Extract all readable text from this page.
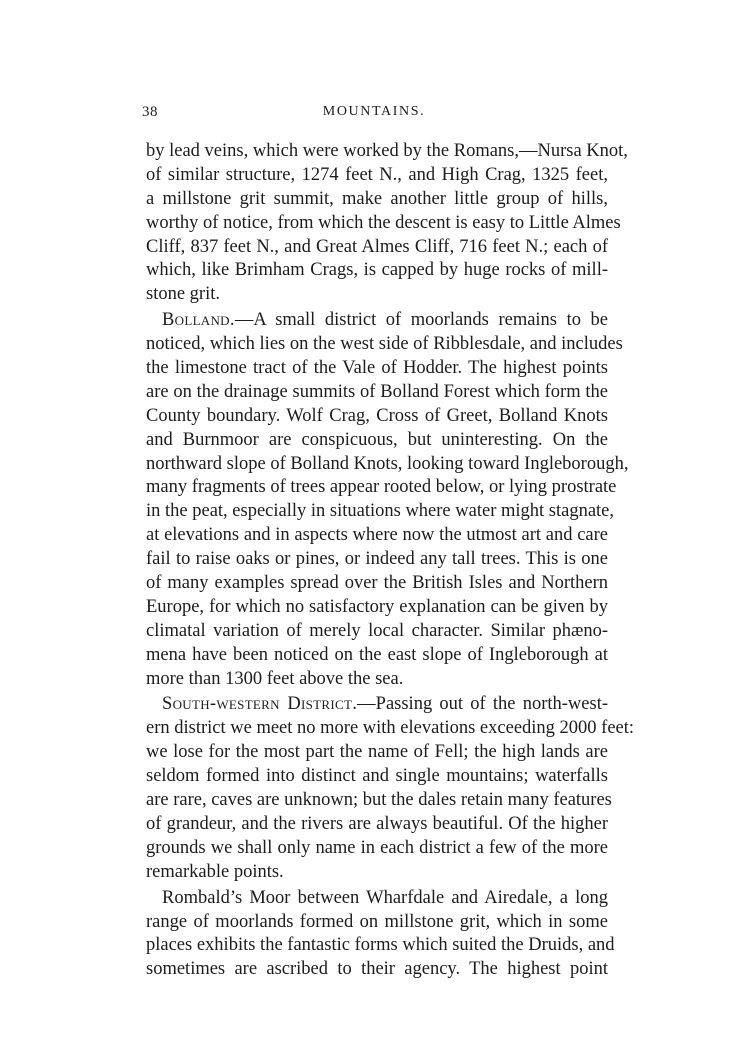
38	MOUNTAINS.
by lead veins, which were worked by the Romans,—Nursa Knot,
of similar structure, 1274 feet N., and High Crag, 1325 feet,
a millstone grit summit, make another little group of hills,
worthy of notice, from which the descent is easy to Little Almes
Cliff, 837 feet N., and Great Almes Cliff, 716 feet N.; each of
which, like Brimham Crags, is capped by huge rocks of mill-
stone grit.
Bolland.—A small district of moorlands remains to be
noticed, which lies on the west side of Ribblesdale, and includes
the limestone tract of the Vale of Hodder. The highest points
are on the drainage summits of Bolland Forest which form the
County boundary. Wolf Crag, Cross of Greet, Bolland Knots
and Burnmoor are conspicuous, but uninteresting. On the
northward slope of Bolland Knots, looking toward Ingleborough,
many fragments of trees appear rooted below, or lying prostrate
in the peat, especially in situations where water might stagnate,
at elevations and in aspects where now the utmost art and care
fail to raise oaks or pines, or indeed any tall trees. This is one
of many examples spread over the British Isles and Northern
Europe, for which no satisfactory explanation can be given by
climatal variation of merely local character. Similar phæno-
mena have been noticed on the east slope of Ingleborough at
more than 1300 feet above the sea.
South-western District.—Passing out of the north-west-
ern district we meet no more with elevations exceeding 2000 feet:
we lose for the most part the name of Fell; the high lands are
seldom formed into distinct and single mountains; waterfalls
are rare, caves are unknown; but the dales retain many features
of grandeur, and the rivers are always beautiful. Of the higher
grounds we shall only name in each district a few of the more
remarkable points.
Rombald’s Moor between Wharfdale and Airedale, a long
range of moorlands formed on millstone grit, which in some
places exhibits the fantastic forms which suited the Druids, and
sometimes are ascribed to their agency. The highest point
